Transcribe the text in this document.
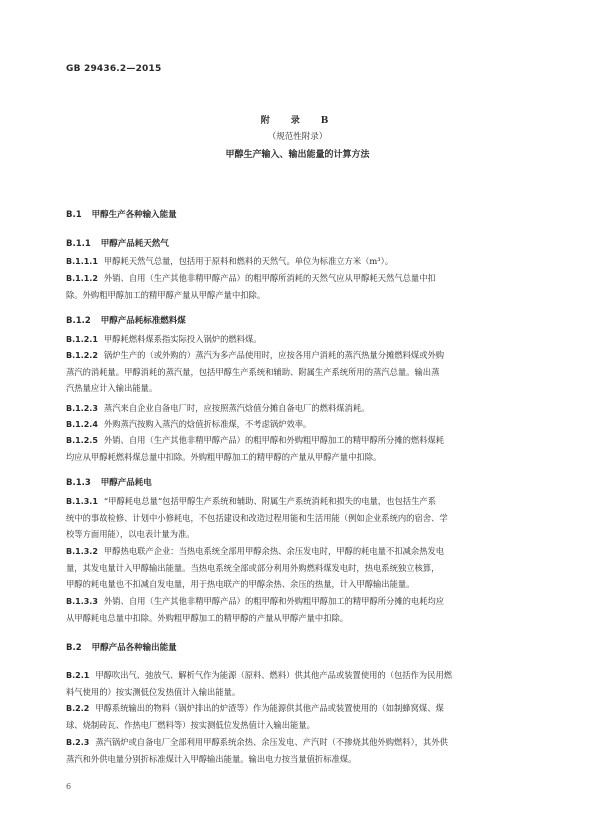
GB 29436.2—2015
附　录　B
（规范性附录）
甲醇生产输入、输出能量的计算方法
B.1 甲醇生产各种输入能量
B.1.1 甲醇产品耗天然气
B.1.1.1 甲醇耗天然气总量，包括用于原料和燃料的天然气。单位为标准立方米（m³）。
B.1.1.2 外销、自用（生产其他非精甲醇产品）的粗甲醇所消耗的天然气应从甲醇耗天然气总量中扣
除。外购粗甲醇加工的精甲醇产量从甲醇产量中扣除。
B.1.2 甲醇产品耗标准燃料煤
B.1.2.1 甲醇耗燃料煤系指实际投入锅炉的燃料煤。
B.1.2.2 锅炉生产的（或外购的）蒸汽为多产品使用时，应按各用户消耗的蒸汽热量分摊燃料煤或外购
蒸汽的消耗量。甲醇消耗的蒸汽量，包括甲醇生产系统和辅助、附属生产系统所用的蒸汽总量。输出蒸
汽热量应计入输出能量。
B.1.2.3 蒸汽来自企业自备电厂时，应按照蒸汽焓值分摊自备电厂的燃料煤消耗。
B.1.2.4 外购蒸汽按购入蒸汽的焓值折标准煤，不考虑锅炉效率。
B.1.2.5 外销、自用（生产其他非精甲醇产品）的粗甲醇和外购粗甲醇加工的精甲醇所分摊的燃料煤耗
均应从甲醇耗燃料煤总量中扣除。外购粗甲醇加工的精甲醇的产量从甲醇产量中扣除。
B.1.3 甲醇产品耗电
B.1.3.1 “甲醇耗电总量”包括甲醇生产系统和辅助、附属生产系统消耗和损失的电量，也包括生产系
统中的事故检修、计划中小修耗电，不包括建设和改造过程用能和生活用能（例如企业系统内的宿舍、学
校等方面用能），以电表计量为准。
B.1.3.2 甲醇热电联产企业：当热电系统全部用甲醇余热、余压发电时，甲醇的耗电量不扣减余热发电
量，其发电量计入甲醇输出能量。当热电系统全部或部分利用外购燃料煤发电时，热电系统独立核算，
甲醇的耗电量也不扣减自发电量，用于热电联产的甲醇余热、余压的热量，计入甲醇输出能量。
B.1.3.3 外销、自用（生产其他非精甲醇产品）的粗甲醇和外购粗甲醇加工的精甲醇所分摊的电耗均应
从甲醇耗电总量中扣除。外购粗甲醇加工的精甲醇的产量从甲醇产量中扣除。
B.2 甲醇产品各种输出能量
B.2.1 甲醇吹出气、弛放气、解析气作为能源（原料、燃料）供其他产品或装置使用的（包括作为民用燃
料气使用的）按实测低位发热值计入输出能量。
B.2.2 甲醇系统输出的物料（锅炉排出的炉渣等）作为能源供其他产品或装置使用的（如制蜂窝煤、煤
球、烧制砖瓦、作热电厂燃料等）按实测低位发热值计入输出能量。
B.2.3 蒸汽锅炉或自备电厂全部利用甲醇系统余热、余压发电、产汽时（不掺烧其他外购燃料），其外供
蒸汽和外供电量分别折标准煤计入甲醇输出能量。输出电力按当量值折标准煤。
6
